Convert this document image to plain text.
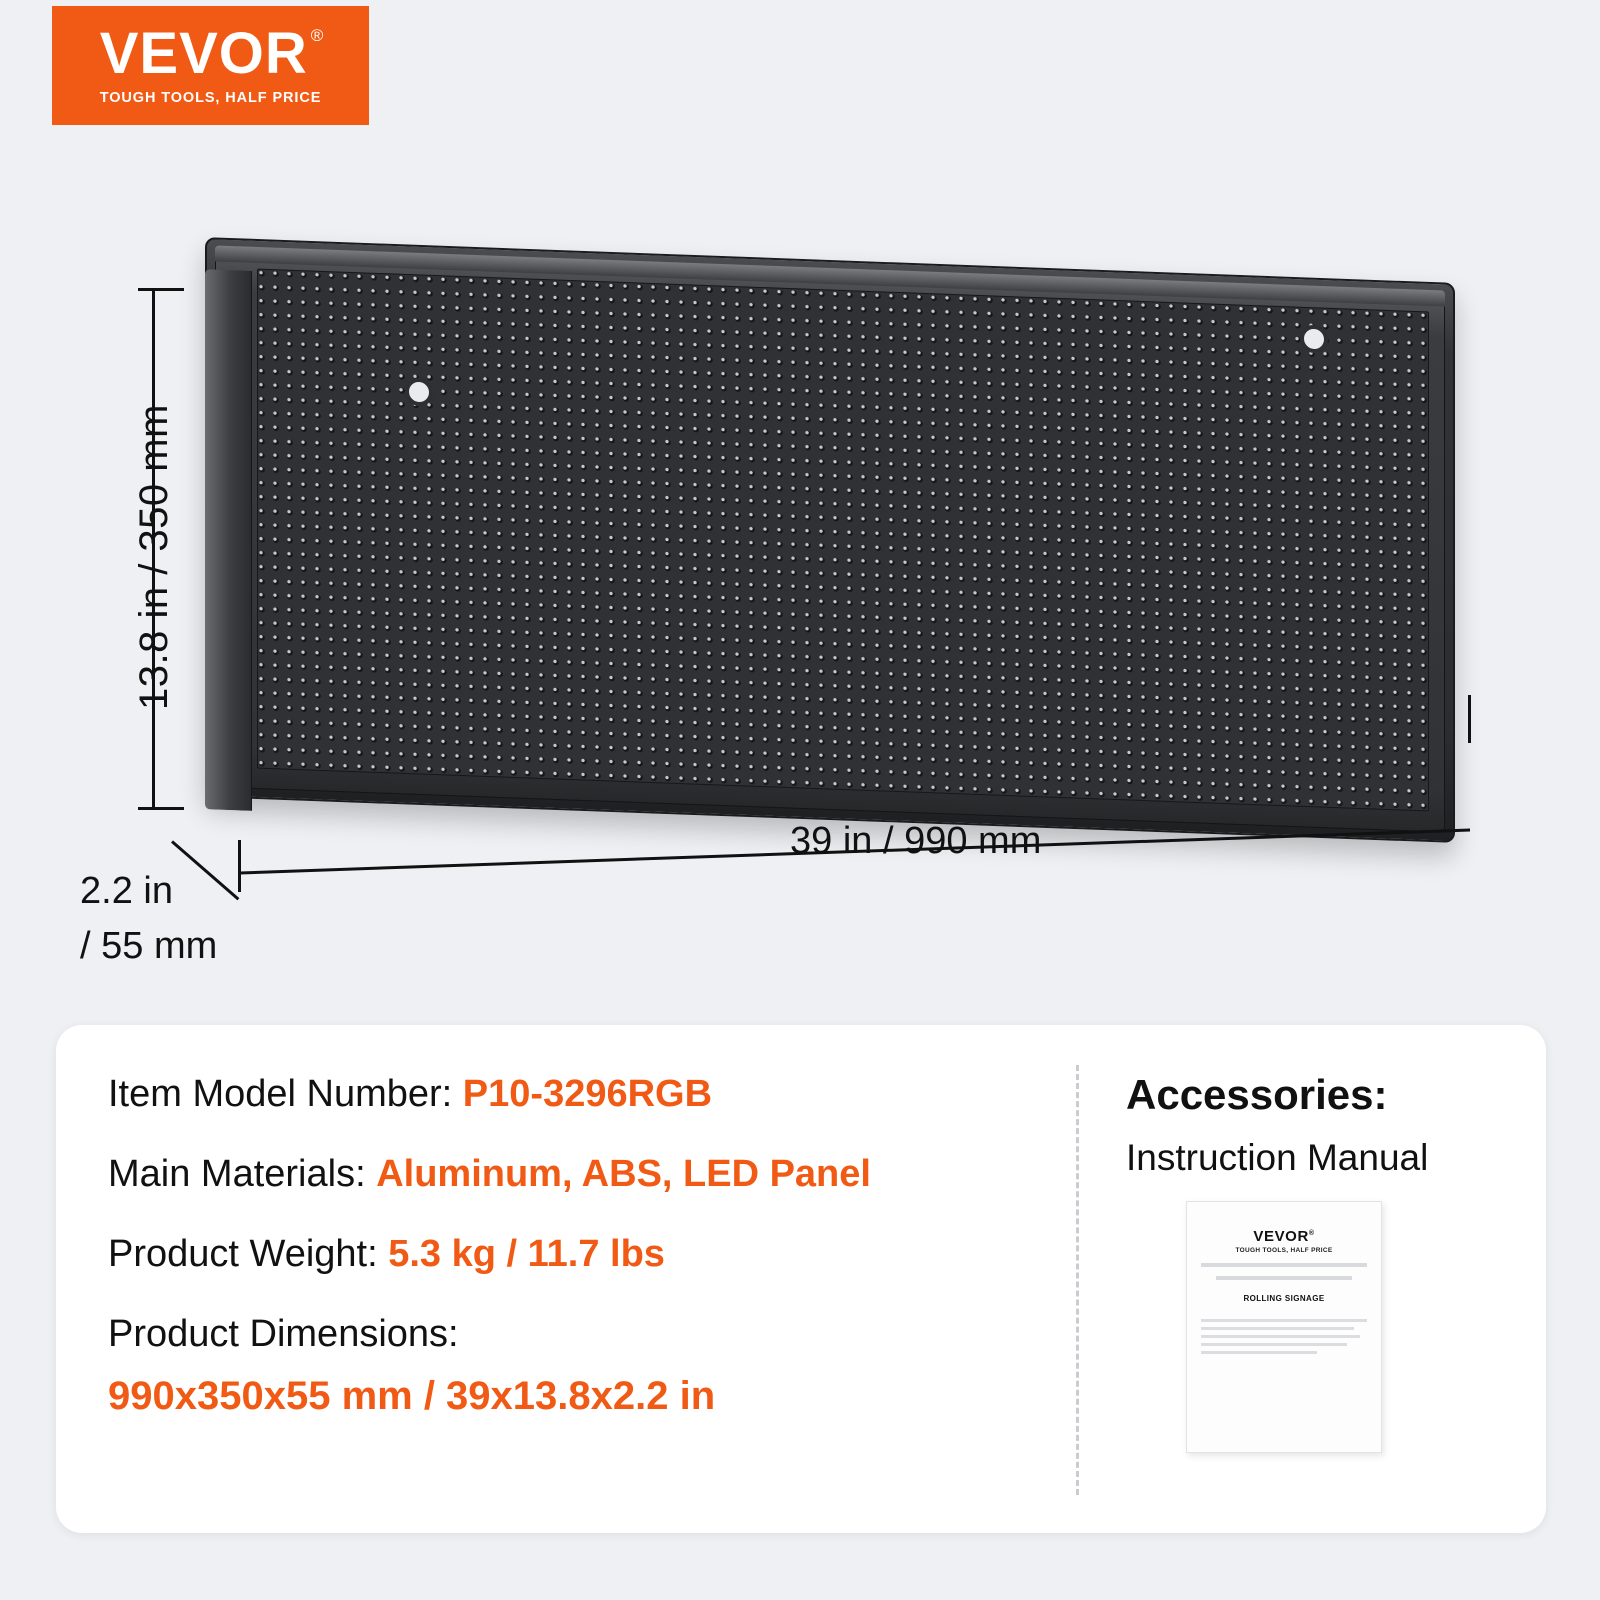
VEVOR ®
TOUGH TOOLS, HALF PRICE
13.8 in / 350 mm
39 in / 990 mm
2.2 in
/ 55 mm
Item Model Number: P10-3296RGB
Main Materials: Aluminum, ABS, LED Panel
Product Weight: 5.3 kg / 11.7 lbs
Product Dimensions:
990x350x55 mm / 39x13.8x2.2 in
Accessories:
Instruction Manual
VEVOR®
TOUGH TOOLS, HALF PRICE
ROLLING SIGNAGE
